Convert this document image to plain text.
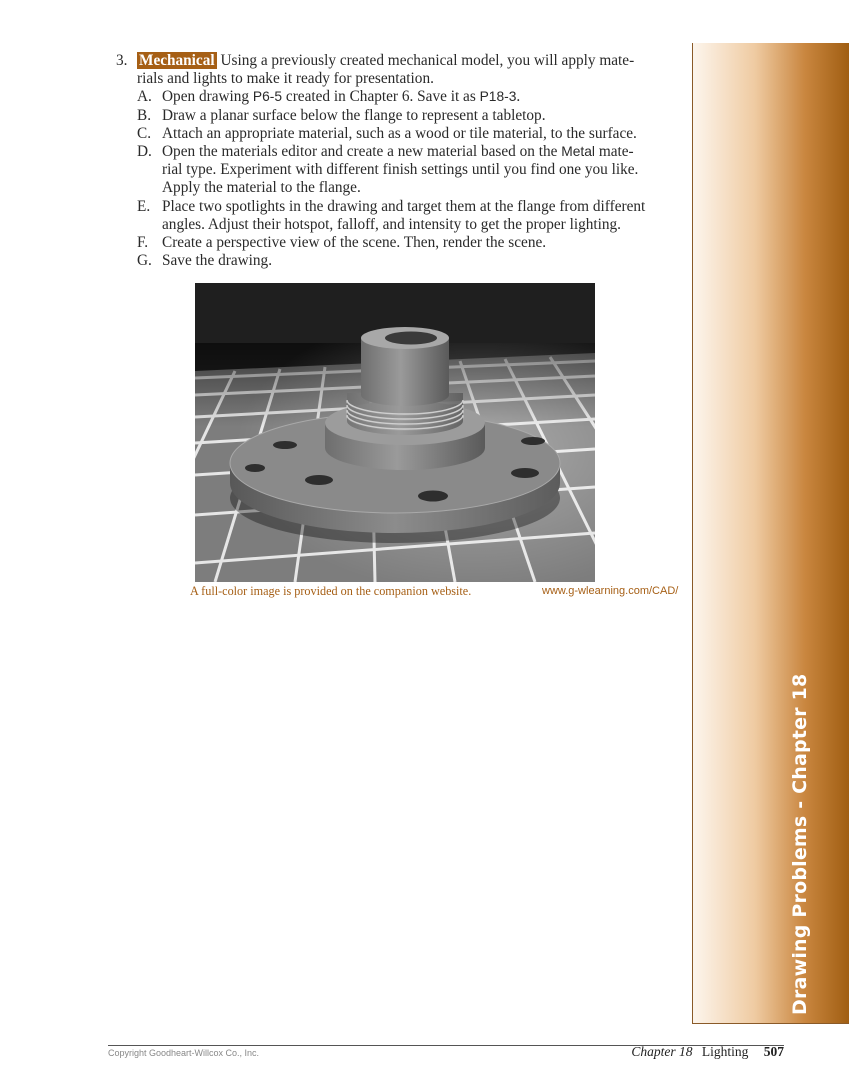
Drawing Problems - Chapter 18
3. Mechanical Using a previously created mechanical model, you will apply mate-
rials and lights to make it ready for presentation.
A. Open drawing P6-5 created in Chapter 6. Save it as P18-3.
B. Draw a planar surface below the flange to represent a tabletop.
C. Attach an appropriate material, such as a wood or tile material, to the surface.
D. Open the materials editor and create a new material based on the Metal mate-
rial type. Experiment with different finish settings until you find one you like.
Apply the material to the flange.
E. Place two spotlights in the drawing and target them at the flange from different
angles. Adjust their hotspot, falloff, and intensity to get the proper lighting.
F. Create a perspective view of the scene. Then, render the scene.
G. Save the drawing.
A full-color image is provided on the companion website.	www.g-wlearning.com/CAD/
Copyright Goodheart-Willcox Co., Inc.	Chapter 18 Lighting 507
